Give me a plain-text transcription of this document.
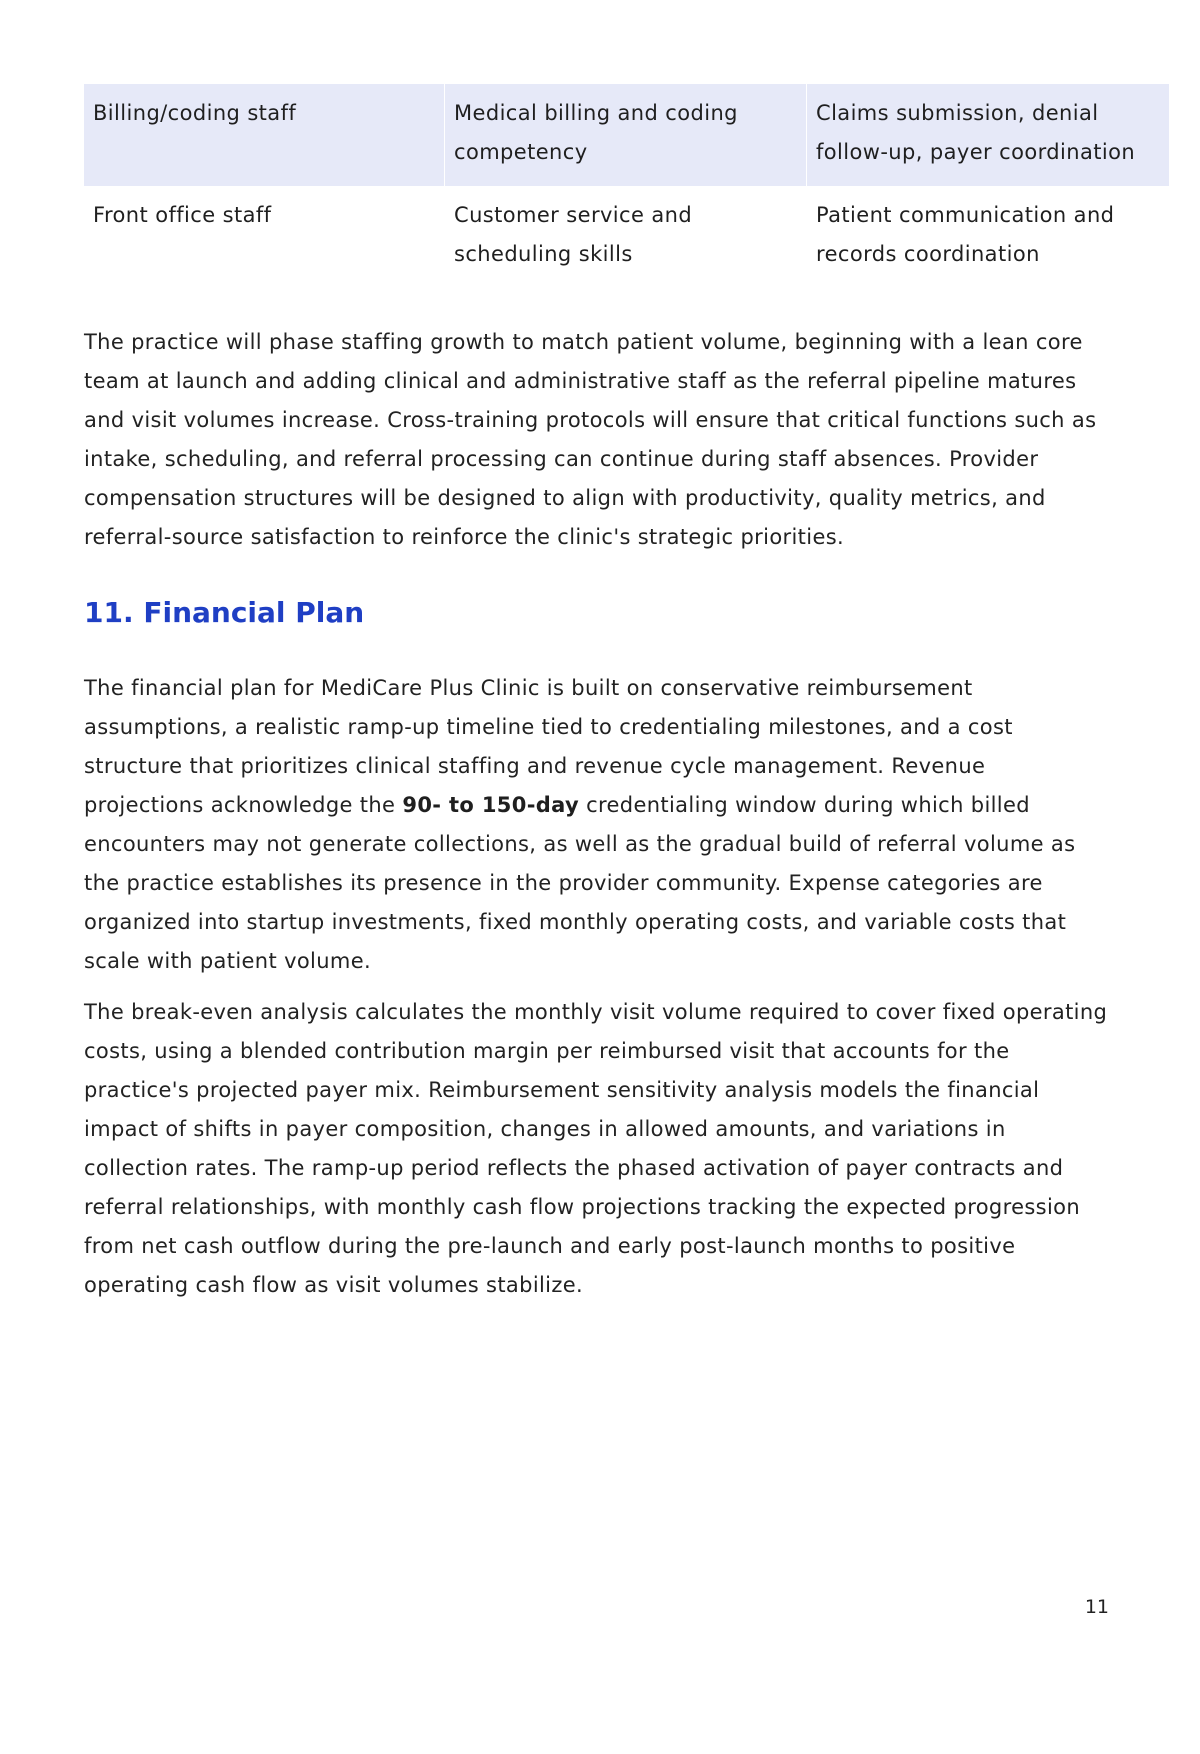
Billing/coding staff	Medical billing and coding competency	Claims submission, denial follow-up, payer coordination
Front office staff	Customer service and scheduling skills	Patient communication and records coordination

The practice will phase staffing growth to match patient volume, beginning with a lean core team at launch and adding clinical and administrative staff as the referral pipeline matures and visit volumes increase. Cross-training protocols will ensure that critical functions such as intake, scheduling, and referral processing can continue during staff absences. Provider compensation structures will be designed to align with productivity, quality metrics, and referral-source satisfaction to reinforce the clinic's strategic priorities.

11. Financial Plan

The financial plan for MediCare Plus Clinic is built on conservative reimbursement assumptions, a realistic ramp-up timeline tied to credentialing milestones, and a cost structure that prioritizes clinical staffing and revenue cycle management. Revenue projections acknowledge the 90- to 150-day credentialing window during which billed encounters may not generate collections, as well as the gradual build of referral volume as the practice establishes its presence in the provider community. Expense categories are organized into startup investments, fixed monthly operating costs, and variable costs that scale with patient volume.

The break-even analysis calculates the monthly visit volume required to cover fixed operating costs, using a blended contribution margin per reimbursed visit that accounts for the practice's projected payer mix. Reimbursement sensitivity analysis models the financial impact of shifts in payer composition, changes in allowed amounts, and variations in collection rates. The ramp-up period reflects the phased activation of payer contracts and referral relationships, with monthly cash flow projections tracking the expected progression from net cash outflow during the pre-launch and early post-launch months to positive operating cash flow as visit volumes stabilize.

11
